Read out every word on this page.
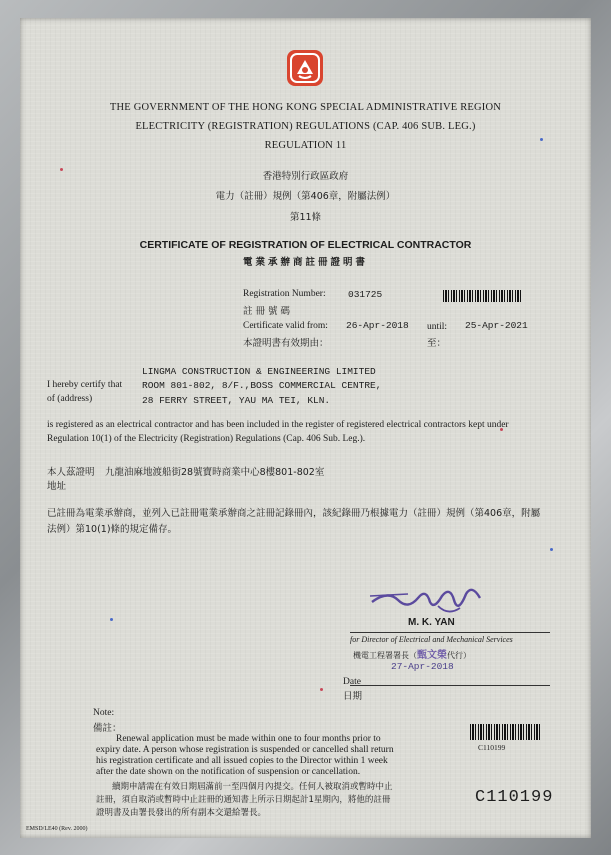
THE GOVERNMENT OF THE HONG KONG SPECIAL ADMINISTRATIVE REGION
ELECTRICITY (REGISTRATION) REGULATIONS (CAP. 406 SUB. LEG.)
REGULATION 11
香港特別行政區政府
電力（註冊）規例（第406章，附屬法例）
第11條
CERTIFICATE OF REGISTRATION OF ELECTRICAL CONTRACTOR
電業承辦商註冊證明書
Registration Number:
註 冊 號 碼
031725
Certificate valid from:
本證明書有效期由：
26-Apr-2018 until:
至：
25-Apr-2021
LINGMA CONSTRUCTION & ENGINEERING LIMITED
I hereby certify that ROOM 801-802, 8/F.,BOSS COMMERCIAL CENTRE,
of (address)	28 FERRY STREET, YAU MA TEI, KLN.
is registered as an electrical contractor and has been included in the register of registered electrical contractors kept under
Regulation 10(1) of the Electricity (Registration) Regulations (Cap. 406 Sub. Leg.).
本人茲證明 九龍油麻地渡船街28號寶時商業中心8樓801-802室
地址
已註冊為電業承辦商，並列入已註冊電業承辦商之註冊記錄冊內，該紀錄冊乃根據電力（註冊）規例（第406章，附屬
法例）第10(1)條的規定備存。
M. K. YAN
for Director of Electrical and Mechanical Services
機電工程署署長（甄文榮代行）
27-Apr-2018
Date
日期
Note:
備註：
Renewal application must be made within one to four months prior to
expiry date. A person whose registration is suspended or cancelled shall return
his registration certificate and all issued copies to the Director within 1 week
after the date shown on the notification of suspension or cancellation.
續期申請需在有效日期屆滿前一至四個月內提交。任何人被取消或暫時中止
註冊，須自取消或暫時中止註冊的通知書上所示日期起計1星期內，將他的註冊
證明書及由署長發出的所有副本交還給署長。
C110199
C110199
EMSD/LE40 (Rev. 2000)
